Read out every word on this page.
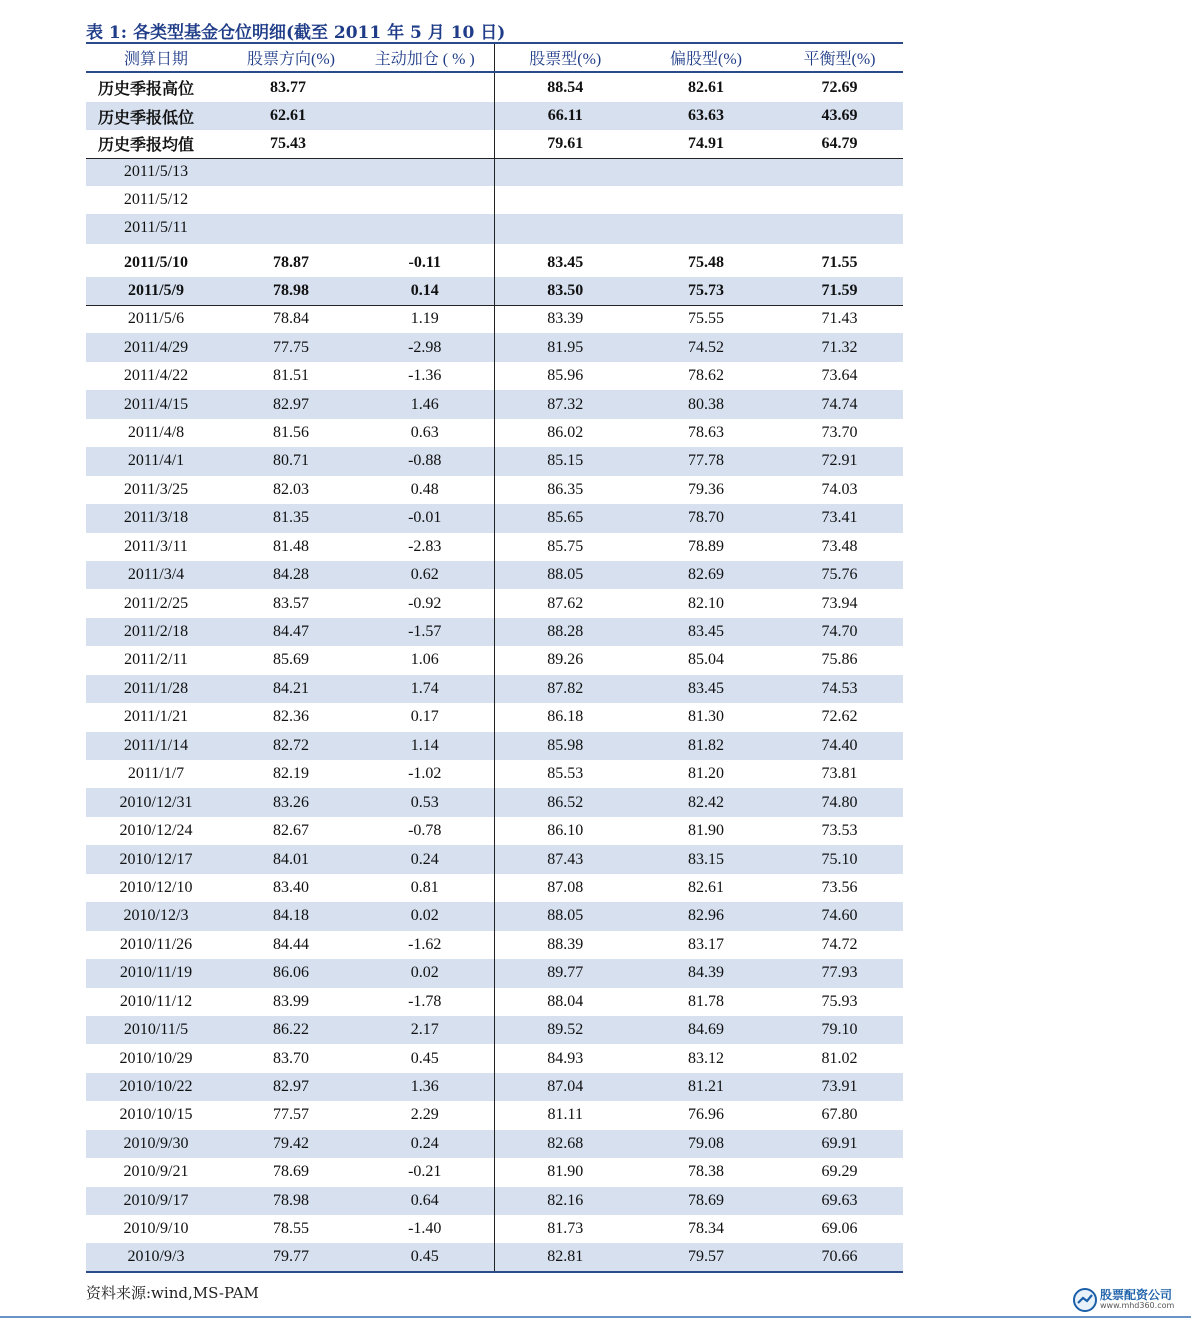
表 1: 各类型基金仓位明细(截至 2011 年 5 月 10 日)
测算日期	股票方向(%)	主动加仓 ( % )	股票型(%)	偏股型(%)	平衡型(%)
历史季报高位	83.77		88.54	82.61	72.69
历史季报低位	62.61		66.11	63.63	43.69
历史季报均值	75.43		79.61	74.91	64.79
2011/5/13					
2011/5/12					
2011/5/11					

2011/5/10	78.87	-0.11	83.45	75.48	71.55
2011/5/9	78.98	0.14	83.50	75.73	71.59
2011/5/6	78.84	1.19	83.39	75.55	71.43
2011/4/29	77.75	-2.98	81.95	74.52	71.32
2011/4/22	81.51	-1.36	85.96	78.62	73.64
2011/4/15	82.97	1.46	87.32	80.38	74.74
2011/4/8	81.56	0.63	86.02	78.63	73.70
2011/4/1	80.71	-0.88	85.15	77.78	72.91
2011/3/25	82.03	0.48	86.35	79.36	74.03
2011/3/18	81.35	-0.01	85.65	78.70	73.41
2011/3/11	81.48	-2.83	85.75	78.89	73.48
2011/3/4	84.28	0.62	88.05	82.69	75.76
2011/2/25	83.57	-0.92	87.62	82.10	73.94
2011/2/18	84.47	-1.57	88.28	83.45	74.70
2011/2/11	85.69	1.06	89.26	85.04	75.86
2011/1/28	84.21	1.74	87.82	83.45	74.53
2011/1/21	82.36	0.17	86.18	81.30	72.62
2011/1/14	82.72	1.14	85.98	81.82	74.40
2011/1/7	82.19	-1.02	85.53	81.20	73.81
2010/12/31	83.26	0.53	86.52	82.42	74.80
2010/12/24	82.67	-0.78	86.10	81.90	73.53
2010/12/17	84.01	0.24	87.43	83.15	75.10
2010/12/10	83.40	0.81	87.08	82.61	73.56
2010/12/3	84.18	0.02	88.05	82.96	74.60
2010/11/26	84.44	-1.62	88.39	83.17	74.72
2010/11/19	86.06	0.02	89.77	84.39	77.93
2010/11/12	83.99	-1.78	88.04	81.78	75.93
2010/11/5	86.22	2.17	89.52	84.69	79.10
2010/10/29	83.70	0.45	84.93	83.12	81.02
2010/10/22	82.97	1.36	87.04	81.21	73.91
2010/10/15	77.57	2.29	81.11	76.96	67.80
2010/9/30	79.42	0.24	82.68	79.08	69.91
2010/9/21	78.69	-0.21	81.90	78.38	69.29
2010/9/17	78.98	0.64	82.16	78.69	69.63
2010/9/10	78.55	-1.40	81.73	78.34	69.06
2010/9/3	79.77	0.45	82.81	79.57	70.66
资料来源:wind,MS-PAM	股票配资公司
www.mhd360.com
